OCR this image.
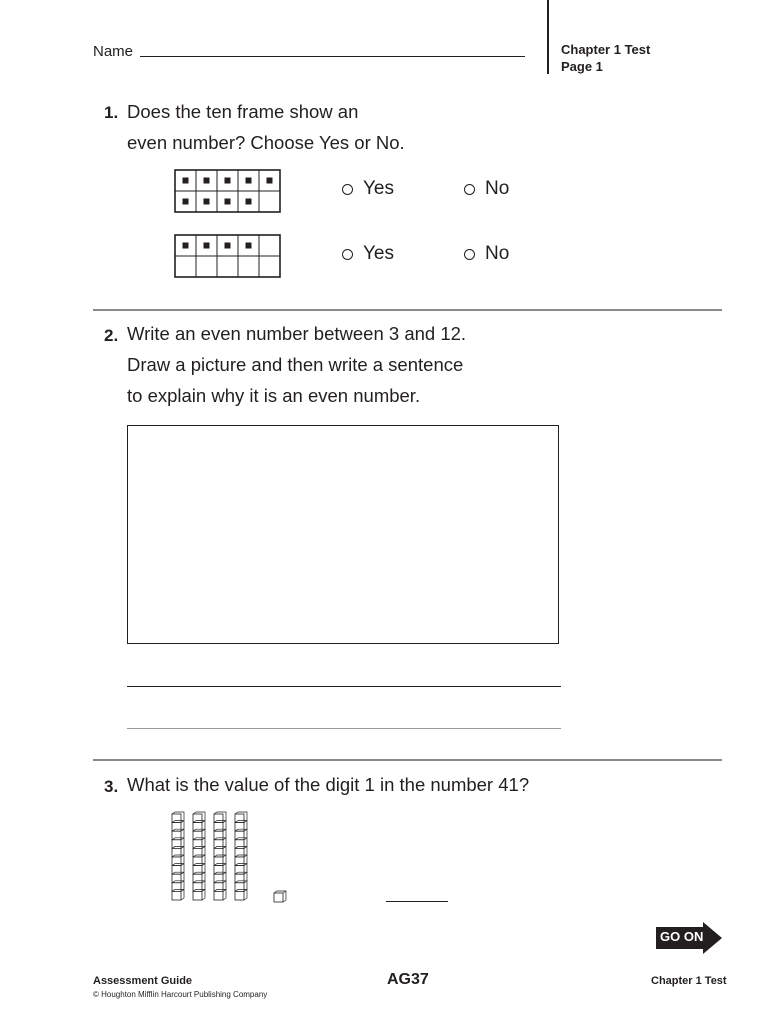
Name	Chapter 1 Test
Page 1
1. Does the ten frame show an
even number? Choose Yes or No.
Yes	No
Yes	No
2. Write an even number between 3 and 12.
Draw a picture and then write a sentence
to explain why it is an even number.
3. What is the value of the digit 1 in the number 41?
GO ON
Assessment Guide
© Houghton Mifflin Harcourt Publishing Company
AG37	Chapter 1 Test
